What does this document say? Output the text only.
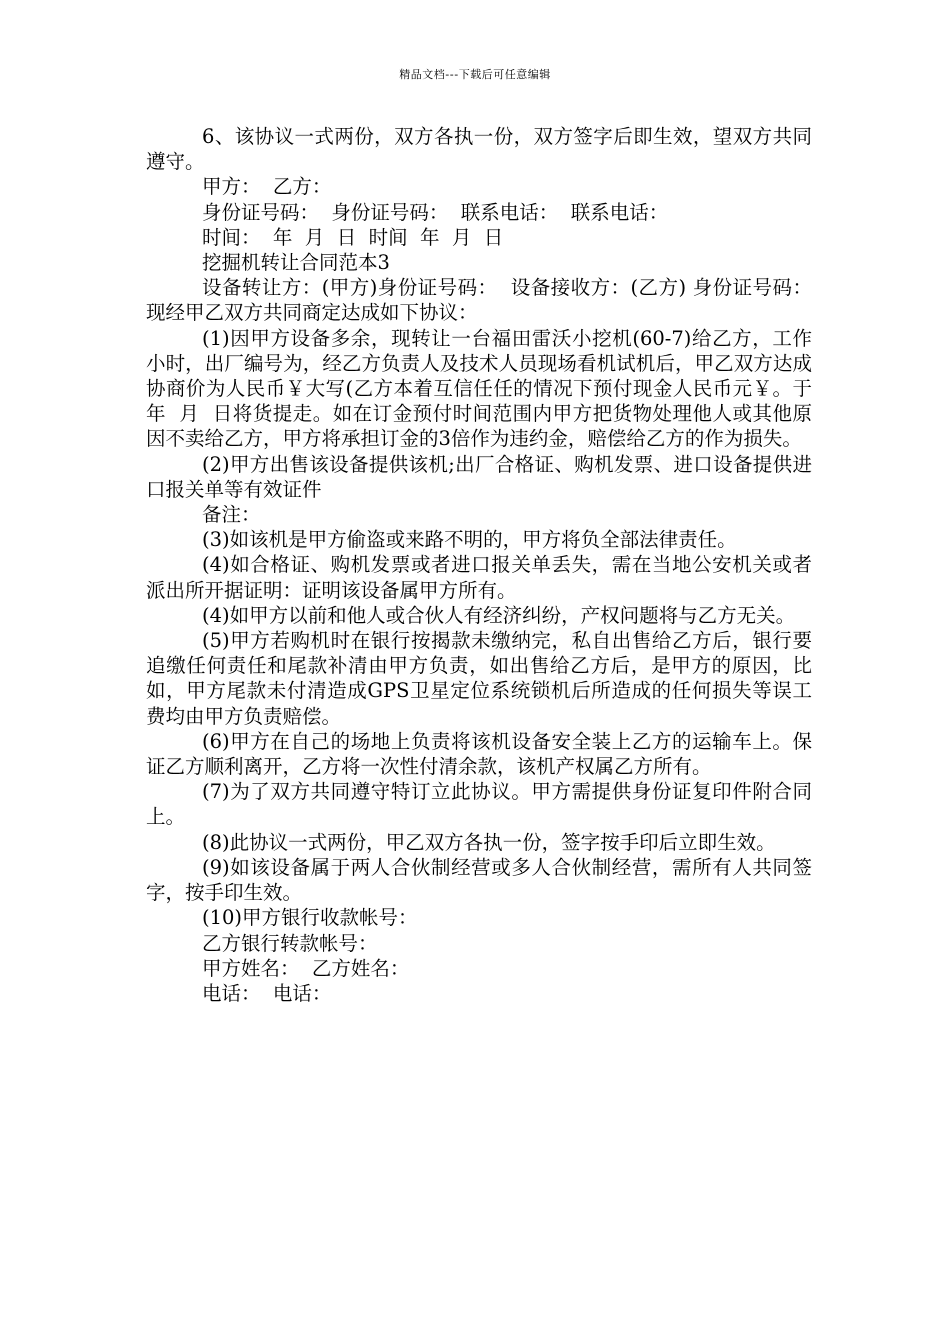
精品文档---下载后可任意编辑

6、该协议一式两份，双方各执一份，双方签字后即生效，望双方共同遵守。

甲方：  乙方：

身份证号码：  身份证号码：  联系电话：  联系电话：

时间：  年  月  日  时间  年  月  日

挖掘机转让合同范本3

设备转让方：(甲方)身份证号码：  设备接收方：(乙方) 身份证号码：  现经甲乙双方共同商定达成如下协议：

(1)因甲方设备多余，现转让一台福田雷沃小挖机(60-7)给乙方，工作小时，出厂编号为，经乙方负责人及技术人员现场看机试机后，甲乙双方达成协商价为人民币￥大写(乙方本着互信任任的情况下预付现金人民币元￥。于年  月  日将货提走。如在订金预付时间范围内甲方把货物处理他人或其他原因不卖给乙方，甲方将承担订金的3倍作为违约金，赔偿给乙方的作为损失。

(2)甲方出售该设备提供该机;出厂合格证、购机发票、进口设备提供进口报关单等有效证件

备注：

(3)如该机是甲方偷盗或来路不明的，甲方将负全部法律责任。

(4)如合格证、购机发票或者进口报关单丢失，需在当地公安机关或者派出所开据证明：证明该设备属甲方所有。

(4)如甲方以前和他人或合伙人有经济纠纷，产权问题将与乙方无关。

(5)甲方若购机时在银行按揭款未缴纳完，私自出售给乙方后，银行要追缴任何责任和尾款补清由甲方负责，如出售给乙方后，是甲方的原因，比如，甲方尾款未付清造成GPS卫星定位系统锁机后所造成的任何损失等误工费均由甲方负责赔偿。

(6)甲方在自己的场地上负责将该机设备安全装上乙方的运输车上。保证乙方顺利离开，乙方将一次性付清余款，该机产权属乙方所有。

(7)为了双方共同遵守特订立此协议。甲方需提供身份证复印件附合同上。

(8)此协议一式两份，甲乙双方各执一份，签字按手印后立即生效。

(9)如该设备属于两人合伙制经营或多人合伙制经营，需所有人共同签字，按手印生效。

(10)甲方银行收款帐号：

乙方银行转款帐号：

甲方姓名：  乙方姓名：

电话：  电话：
